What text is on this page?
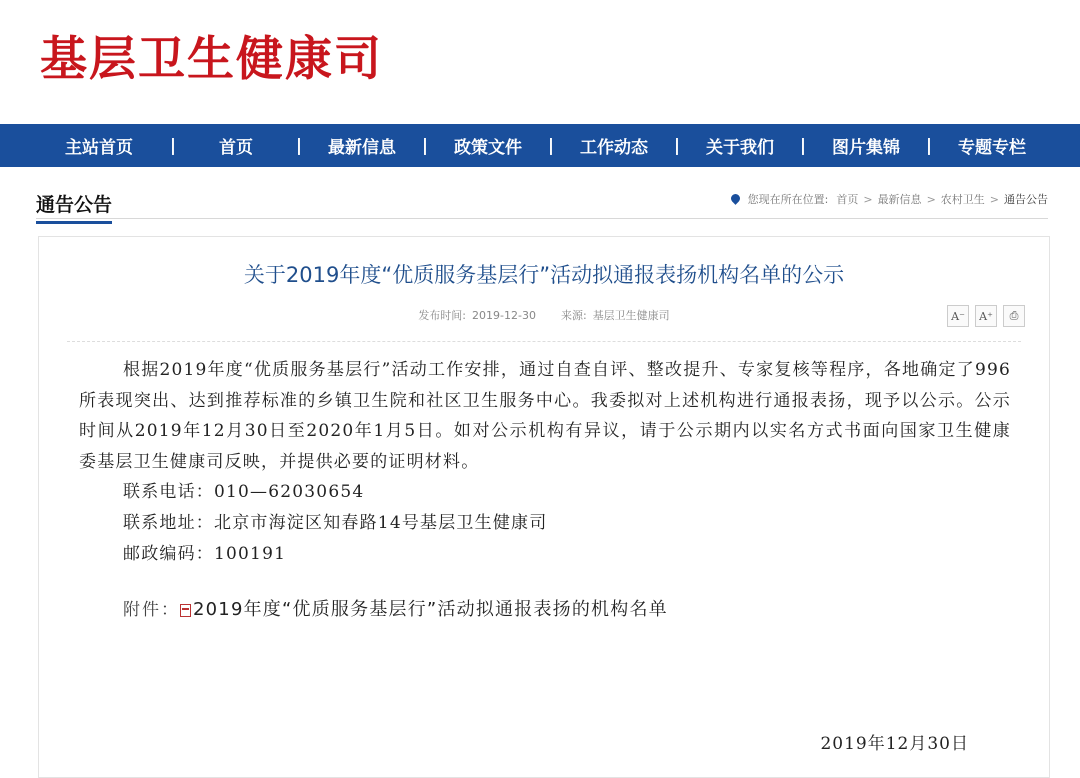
基层卫生健康司
主站首页	|	首页	|	最新信息	|	政策文件	|	工作动态	|	关于我们	|	图片集锦	|	专题专栏
通告公告	您现在所在位置: 首页 > 最新信息 > 农村卫生 > 通告公告
关于2019年度“优质服务基层行”活动拟通报表扬机构名单的公示
发布时间: 2019-12-30 来源: 基层卫生健康司	A⁻	A⁺	⎙

根据2019年度“优质服务基层行”活动工作安排，通过自查自评、整改提升、专家复核等程序，各地确定了996所表现突出、达到推荐标准的乡镇卫生院和社区卫生服务中心。我委拟对上述机构进行通报表扬，现予以公示。公示时间从2019年12月30日至2020年1月5日。如对公示机构有异议，请于公示期内以实名方式书面向国家卫生健康委基层卫生健康司反映，并提供必要的证明材料。

联系电话：010—62030654

联系地址：北京市海淀区知春路14号基层卫生健康司

邮政编码：100191

附件： 2019年度“优质服务基层行”活动拟通报表扬的机构名单
2019年12月30日
